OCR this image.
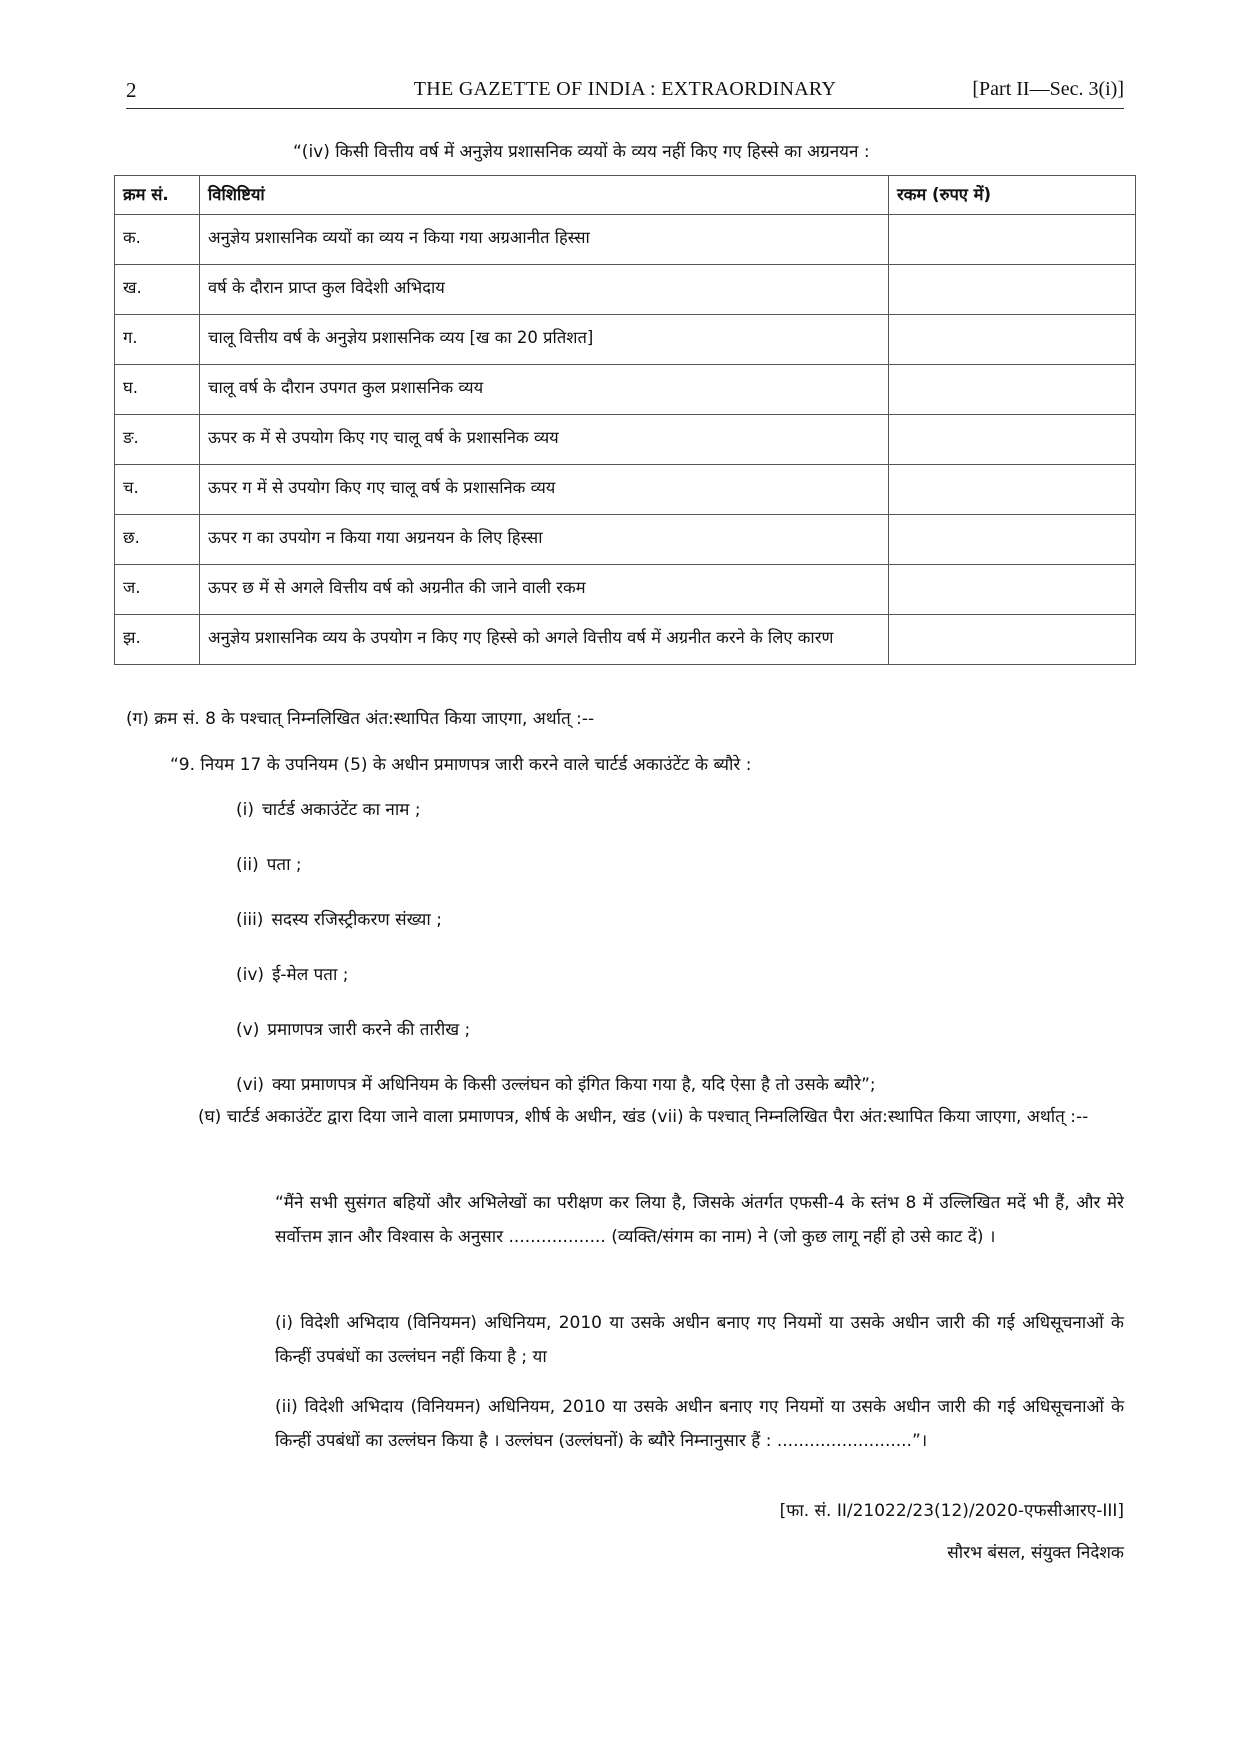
2	THE GAZETTE OF INDIA : EXTRAORDINARY	[Part II—Sec. 3(i)]
“(iv) किसी वित्तीय वर्ष में अनुज्ञेय प्रशासनिक व्ययों के व्यय नहीं किए गए हिस्से का अग्रनयन :
क्रम सं.	विशिष्टियां	रकम (रुपए में)
क.	अनुज्ञेय प्रशासनिक व्ययों का व्यय न किया गया अग्रआनीत हिस्सा	
ख.	वर्ष के दौरान प्राप्त कुल विदेशी अभिदाय	
ग.	चालू वित्तीय वर्ष के अनुज्ञेय प्रशासनिक व्यय [ख का 20 प्रतिशत]	
घ.	चालू वर्ष के दौरान उपगत कुल प्रशासनिक व्यय	
ङ.	ऊपर क में से उपयोग किए गए चालू वर्ष के प्रशासनिक व्यय	
च.	ऊपर ग में से उपयोग किए गए चालू वर्ष के प्रशासनिक व्यय	
छ.	ऊपर ग का उपयोग न किया गया अग्रनयन के लिए हिस्सा	
ज.	ऊपर छ में से अगले वित्तीय वर्ष को अग्रनीत की जाने वाली रकम	
झ.	अनुज्ञेय प्रशासनिक व्यय के उपयोग न किए गए हिस्से को अगले वित्तीय वर्ष में अग्रनीत करने के लिए कारण	
(ग) क्रम सं. 8 के पश्चात् निम्नलिखित अंत:स्थापित किया जाएगा, अर्थात् :--
“9. नियम 17 के उपनियम (5) के अधीन प्रमाणपत्र जारी करने वाले चार्टर्ड अकाउंटेंट के ब्यौरे :
(i) चार्टर्ड अकाउंटेंट का नाम ;
(ii) पता ;
(iii) सदस्य रजिस्ट्रीकरण संख्या ;
(iv) ई-मेल पता ;
(v) प्रमाणपत्र जारी करने की तारीख ;
(vi) क्या प्रमाणपत्र में अधिनियम के किसी उल्लंघन को इंगित किया गया है, यदि ऐसा है तो उसके ब्यौरे”;
(घ) चार्टर्ड अकाउंटेंट द्वारा दिया जाने वाला प्रमाणपत्र, शीर्ष के अधीन, खंड (vii) के पश्चात् निम्नलिखित पैरा अंत:स्थापित किया जाएगा, अर्थात् :--
“मैंने सभी सुसंगत बहियों और अभिलेखों का परीक्षण कर लिया है, जिसके अंतर्गत एफसी-4 के स्तंभ 8 में उल्लिखित मदें भी हैं, और मेरे सर्वोत्तम ज्ञान और विश्वास के अनुसार .................. (व्यक्ति/संगम का नाम) ने (जो कुछ लागू नहीं हो उसे काट दें) ।
(i) विदेशी अभिदाय (विनियमन) अधिनियम, 2010 या उसके अधीन बनाए गए नियमों या उसके अधीन जारी की गई अधिसूचनाओं के किन्हीं उपबंधों का उल्लंघन नहीं किया है ; या
(ii) विदेशी अभिदाय (विनियमन) अधिनियम, 2010 या उसके अधीन बनाए गए नियमों या उसके अधीन जारी की गई अधिसूचनाओं के किन्हीं उपबंधों का उल्लंघन किया है । उल्लंघन (उल्लंघनों) के ब्यौरे निम्नानुसार हैं : .........................”।
[फा. सं. II/21022/23(12)/2020-एफसीआरए-III]
सौरभ बंसल, संयुक्त निदेशक
